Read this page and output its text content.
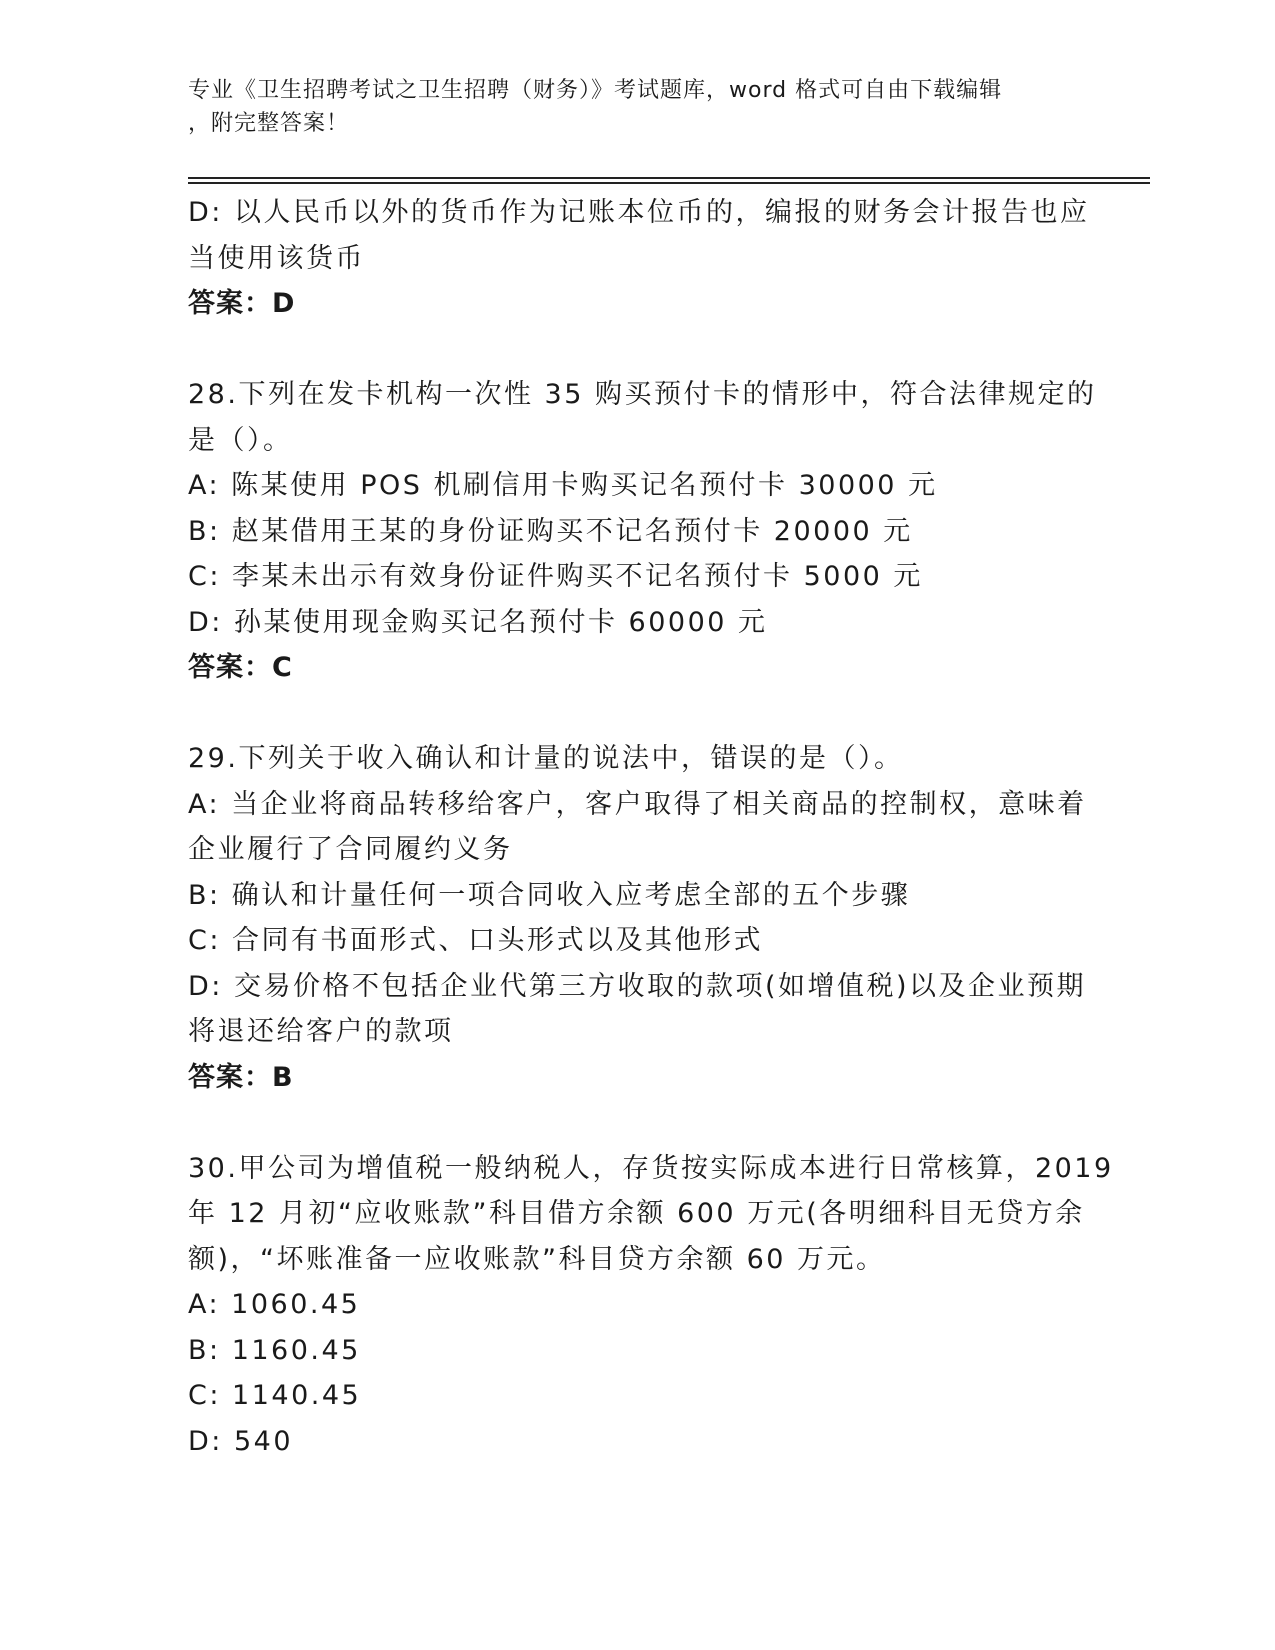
专业《卫生招聘考试之卫生招聘（财务）》考试题库，word 格式可自由下载编辑
，附完整答案！
D: 以人民币以外的货币作为记账本位币的，编报的财务会计报告也应
当使用该货币
答案：D
28.下列在发卡机构一次性 35 购买预付卡的情形中，符合法律规定的
是（）。
A: 陈某使用 POS 机刷信用卡购买记名预付卡 30000 元
B: 赵某借用王某的身份证购买不记名预付卡 20000 元
C: 李某未出示有效身份证件购买不记名预付卡 5000 元
D: 孙某使用现金购买记名预付卡 60000 元
答案：C
29.下列关于收入确认和计量的说法中，错误的是（）。
A: 当企业将商品转移给客户，客户取得了相关商品的控制权，意味着
企业履行了合同履约义务
B: 确认和计量任何一项合同收入应考虑全部的五个步骤
C: 合同有书面形式、口头形式以及其他形式
D: 交易价格不包括企业代第三方收取的款项(如增值税)以及企业预期
将退还给客户的款项
答案：B
30.甲公司为增值税一般纳税人，存货按实际成本进行日常核算，2019
年 12 月初“应收账款”科目借方余额 600 万元(各明细科目无贷方余
额)，“坏账准备一应收账款”科目贷方余额 60 万元。
A: 1060.45
B: 1160.45
C: 1140.45
D: 540
